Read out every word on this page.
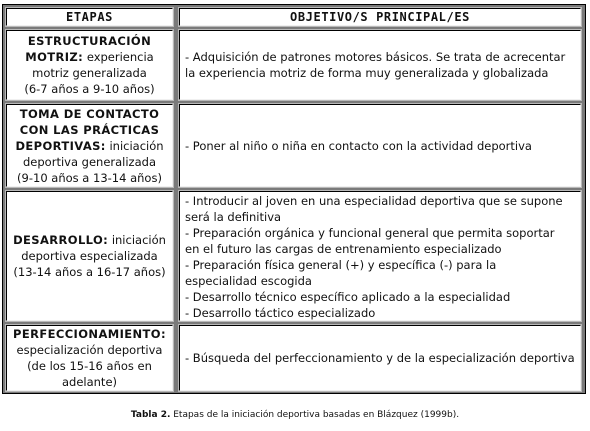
ETAPAS	OBJETIVO/S PRINCIPAL/ES
ESTRUCTURACIÓN
MOTRIZ: experiencia
motriz generalizada
(6-7 años a 9-10 años)
- Adquisición de patrones motores básicos. Se trata de acrecentar
la experiencia motriz de forma muy generalizada y globalizada
TOMA DE CONTACTO
CON LAS PRÁCTICAS
DEPORTIVAS: iniciación
deportiva generalizada
(9-10 años a 13-14 años)
- Poner al niño o niña en contacto con la actividad deportiva
DESARROLLO: iniciación
deportiva especializada
(13-14 años a 16-17 años)
- Introducir al joven en una especialidad deportiva que se supone
será la definitiva
- Preparación orgánica y funcional general que permita soportar
en el futuro las cargas de entrenamiento especializado
- Preparación física general (+) y específica (-) para la
especialidad escogida
- Desarrollo técnico específico aplicado a la especialidad
- Desarrollo táctico especializado
PERFECCIONAMIENTO:
especialización deportiva
(de los 15-16 años en
adelante)
- Búsqueda del perfeccionamiento y de la especialización deportiva
Tabla 2. Etapas de la iniciación deportiva basadas en Blázquez (1999b).
